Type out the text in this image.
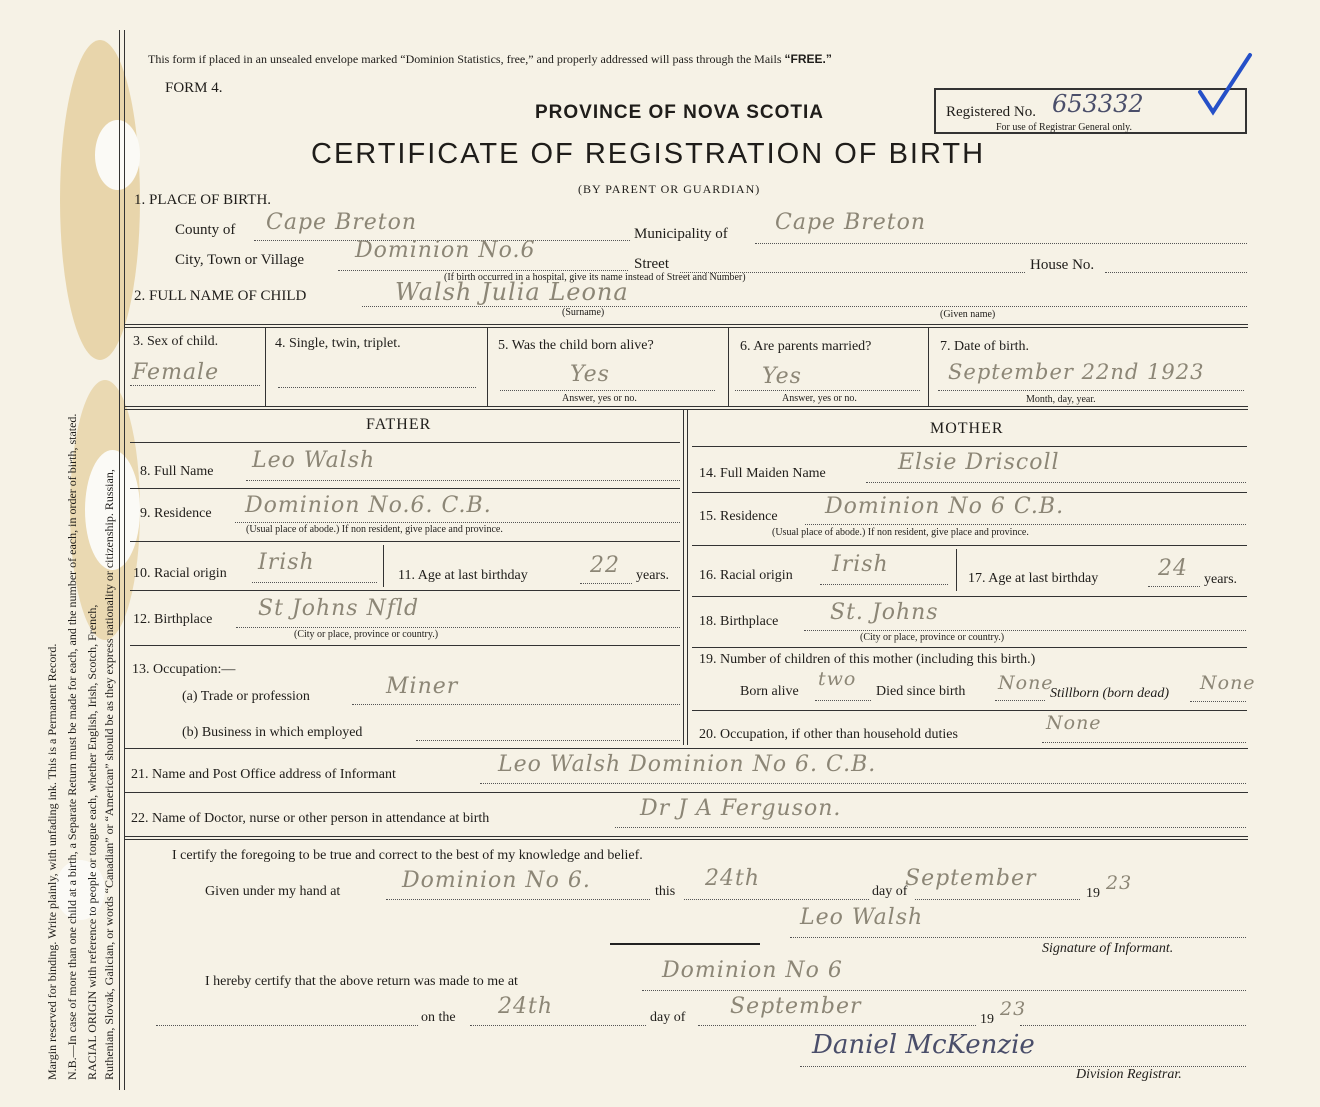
Margin reserved for binding. Write plainly, with unfading ink. This is a Permanent Record. N.B.—In case of more than one child at a birth, a Separate Return must be made for each, and the number of each, in order of birth, stated. RACIAL ORIGIN with reference to people or tongue each, whether English, Irish, Scotch, French, Ruthenian, Slovak, Galician, or words “Canadian” or “American” should be as they express nationality or citizenship. Russian,
This form if placed in an unsealed envelope marked “Dominion Statistics, free,” and properly addressed will pass through the Mails “FREE.”
FORM 4.
PROVINCE OF NOVA SCOTIA	Registered No. 653332
For use of Registrar General only.
CERTIFICATE OF REGISTRATION OF BIRTH
(BY PARENT OR GUARDIAN)
1. PLACE OF BIRTH.
County of Cape Breton	Municipality of Cape Breton
City, Town or Village Dominion No.6
Street	House No.
(If birth occurred in a hospital, give its name instead of Street and Number)
2. FULL NAME OF CHILD	Walsh Julia Leona
(Surname)	(Given name)
3. Sex of child.
Female
4. Single, twin, triplet.	5. Was the child born alive?
Yes
Answer, yes or no.
6. Are parents married?
Yes
Answer, yes or no.
7. Date of birth.
September 22nd 1923
Month, day, year.
FATHER	MOTHER
8. Full Name Leo Walsh
9. Residence Dominion No.6. C.B.
(Usual place of abode.) If non resident, give place and province.
10. Racial origin Irish
11. Age at last birthday	22 years.
12. Birthplace St Johns Nfld
(City or place, province or country.)
13. Occupation:—
(a) Trade or profession	Miner
(b) Business in which employed
14. Full Maiden Name	Elsie Driscoll
15. Residence Dominion No 6 C.B.
(Usual place of abode.) If non resident, give place and province.
16. Racial origin Irish
17. Age at last birthday	24 years.
18. Birthplace St. Johns
(City or place, province or country.)
19. Number of children of this mother (including this birth.)
Born alive
two
Died since birth None
Stillborn (born dead) None
20. Occupation, if other than household duties
None
21. Name and Post Office address of Informant	Leo Walsh Dominion No 6. C.B.
22. Name of Doctor, nurse or other person in attendance at birth	Dr J A Ferguson.
I certify the foregoing to be true and correct to the best of my knowledge and belief.
Given under my hand at	Dominion No 6.	this
24th
day of
September
19 23
Leo Walsh
Signature of Informant.
I hereby certify that the above return was made to me at	Dominion No 6
on the 24th	day of September
19 23
Daniel McKenzie
Division Registrar.
